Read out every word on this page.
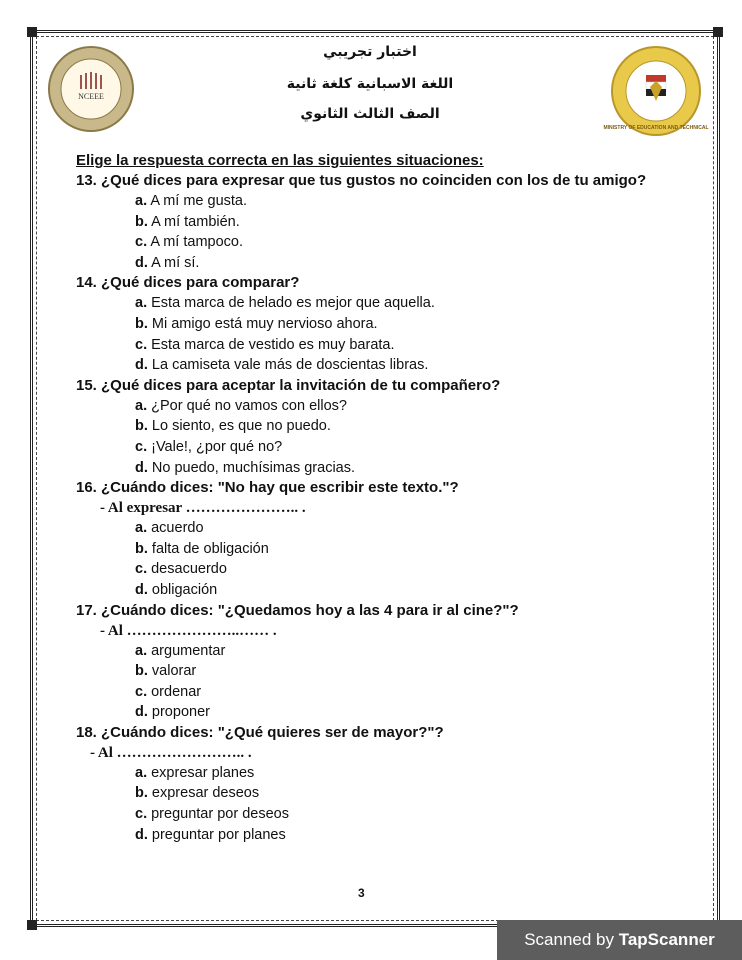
NCEEE
MINISTRY OF EDUCATION AND TECHNICAL
اختبار تجريبي
اللغة الاسبانية كلغة ثانية
الصف الثالث الثانوي

Elige la respuesta correcta en las siguientes situaciones:

13. ¿Qué dices para expresar que tus gustos no coinciden con los de tu amigo?

a. A mí me gusta.
b. A mí también.
c. A mí tampoco.
d. A mí sí.

14. ¿Qué dices para comparar?

a. Esta marca de helado es mejor que aquella.
b. Mi amigo está muy nervioso ahora.
c. Esta marca de vestido es muy barata.
d. La camiseta vale más de doscientas libras.

15. ¿Qué dices para aceptar la invitación de tu compañero?

a. ¿Por qué no vamos con ellos?
b. Lo siento, es que no puedo.
c. ¡Vale!, ¿por qué no?
d. No puedo, muchísimas gracias.

16. ¿Cuándo dices: "No hay que escribir este texto."?

- Al expresar ………………….. .
a. acuerdo
b. falta de obligación
c. desacuerdo
d. obligación

17. ¿Cuándo dices: "¿Quedamos hoy a las 4 para ir al cine?"?

- Al …………………..…… .
a. argumentar
b. valorar
c. ordenar
d. proponer

18. ¿Cuándo dices: "¿Qué quieres ser de mayor?"?

- Al …………………….. .
a. expresar planes
b. expresar deseos
c. preguntar por deseos
d. preguntar por planes
3
Scanned by TapScanner
